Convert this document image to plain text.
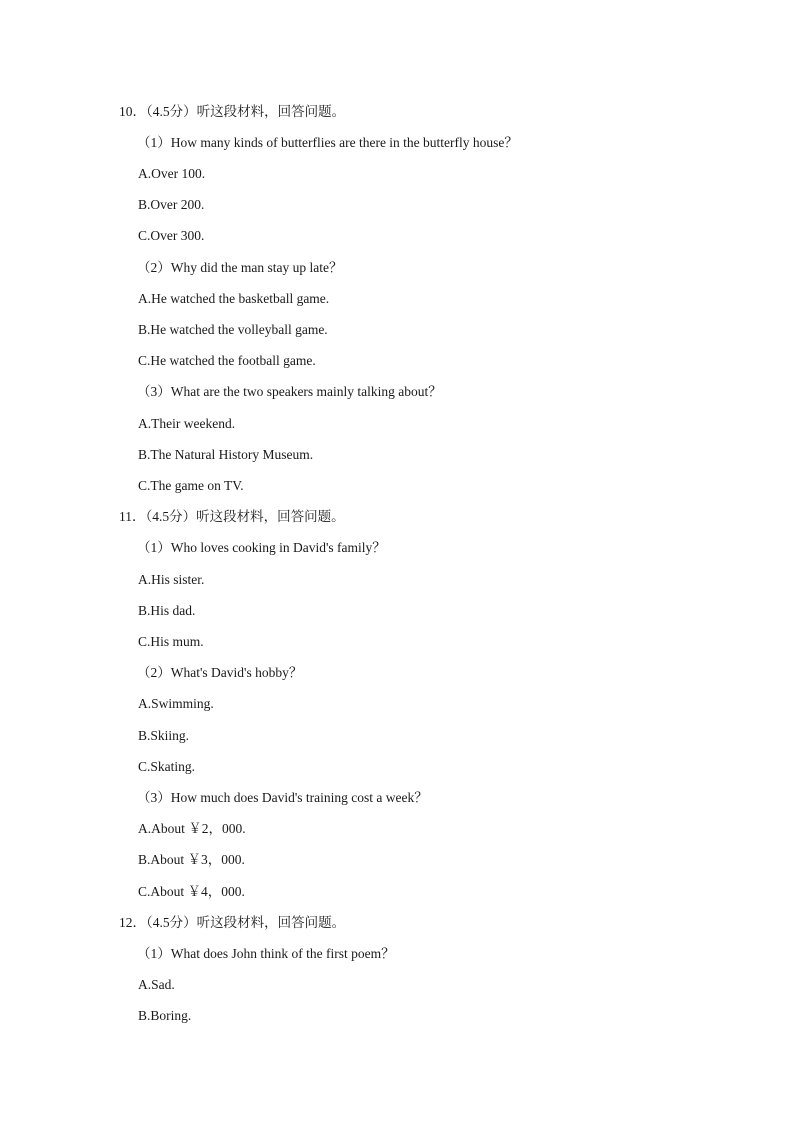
10．（4.5分）听这段材料，回答问题。
（1）How many kinds of butterflies are there in the butterfly house？
A.Over 100.
B.Over 200.
C.Over 300.
（2）Why did the man stay up late？
A.He watched the basketball game.
B.He watched the volleyball game.
C.He watched the football game.
（3）What are the two speakers mainly talking about？
A.Their weekend.
B.The Natural History Museum.
C.The game on TV.
11．（4.5分）听这段材料，回答问题。
（1）Who loves cooking in David's family？
A.His sister.
B.His dad.
C.His mum.
（2）What's David's hobby？
A.Swimming.
B.Skiing.
C.Skating.
（3）How much does David's training cost a week？
A.About ￥2，000.
B.About ￥3，000.
C.About ￥4，000.
12．（4.5分）听这段材料，回答问题。
（1）What does John think of the first poem？
A.Sad.
B.Boring.
